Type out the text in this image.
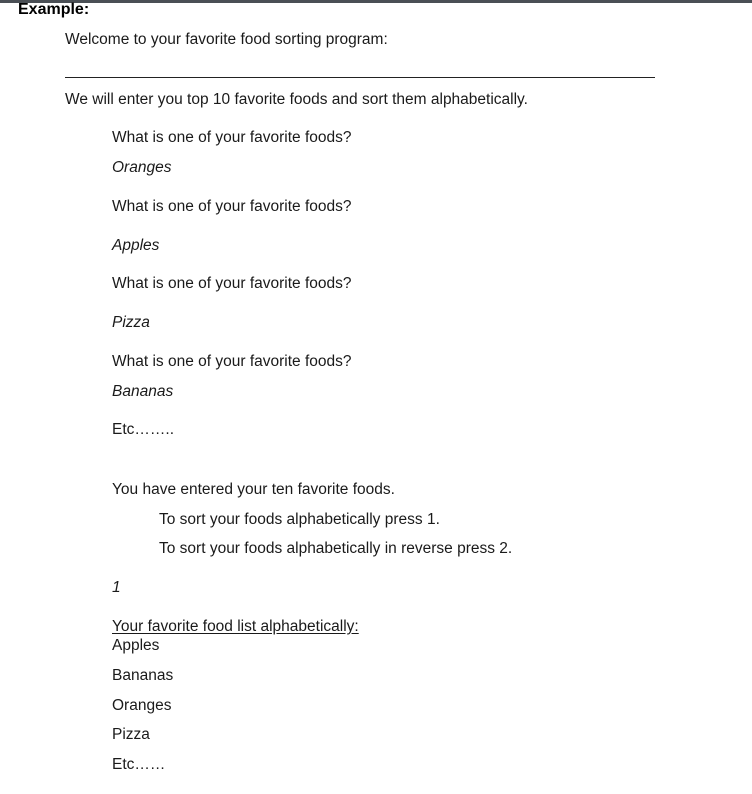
Example:
Welcome to your favorite food sorting program:
We will enter you top 10 favorite foods and sort them alphabetically.
What is one of your favorite foods?
Oranges
What is one of your favorite foods?
Apples
What is one of your favorite foods?
Pizza
What is one of your favorite foods?
Bananas
Etc……..
You have entered your ten favorite foods.
To sort your foods alphabetically press 1.
To sort your foods alphabetically in reverse press 2.
1
Your favorite food list alphabetically:
Apples
Bananas
Oranges
Pizza
Etc……
